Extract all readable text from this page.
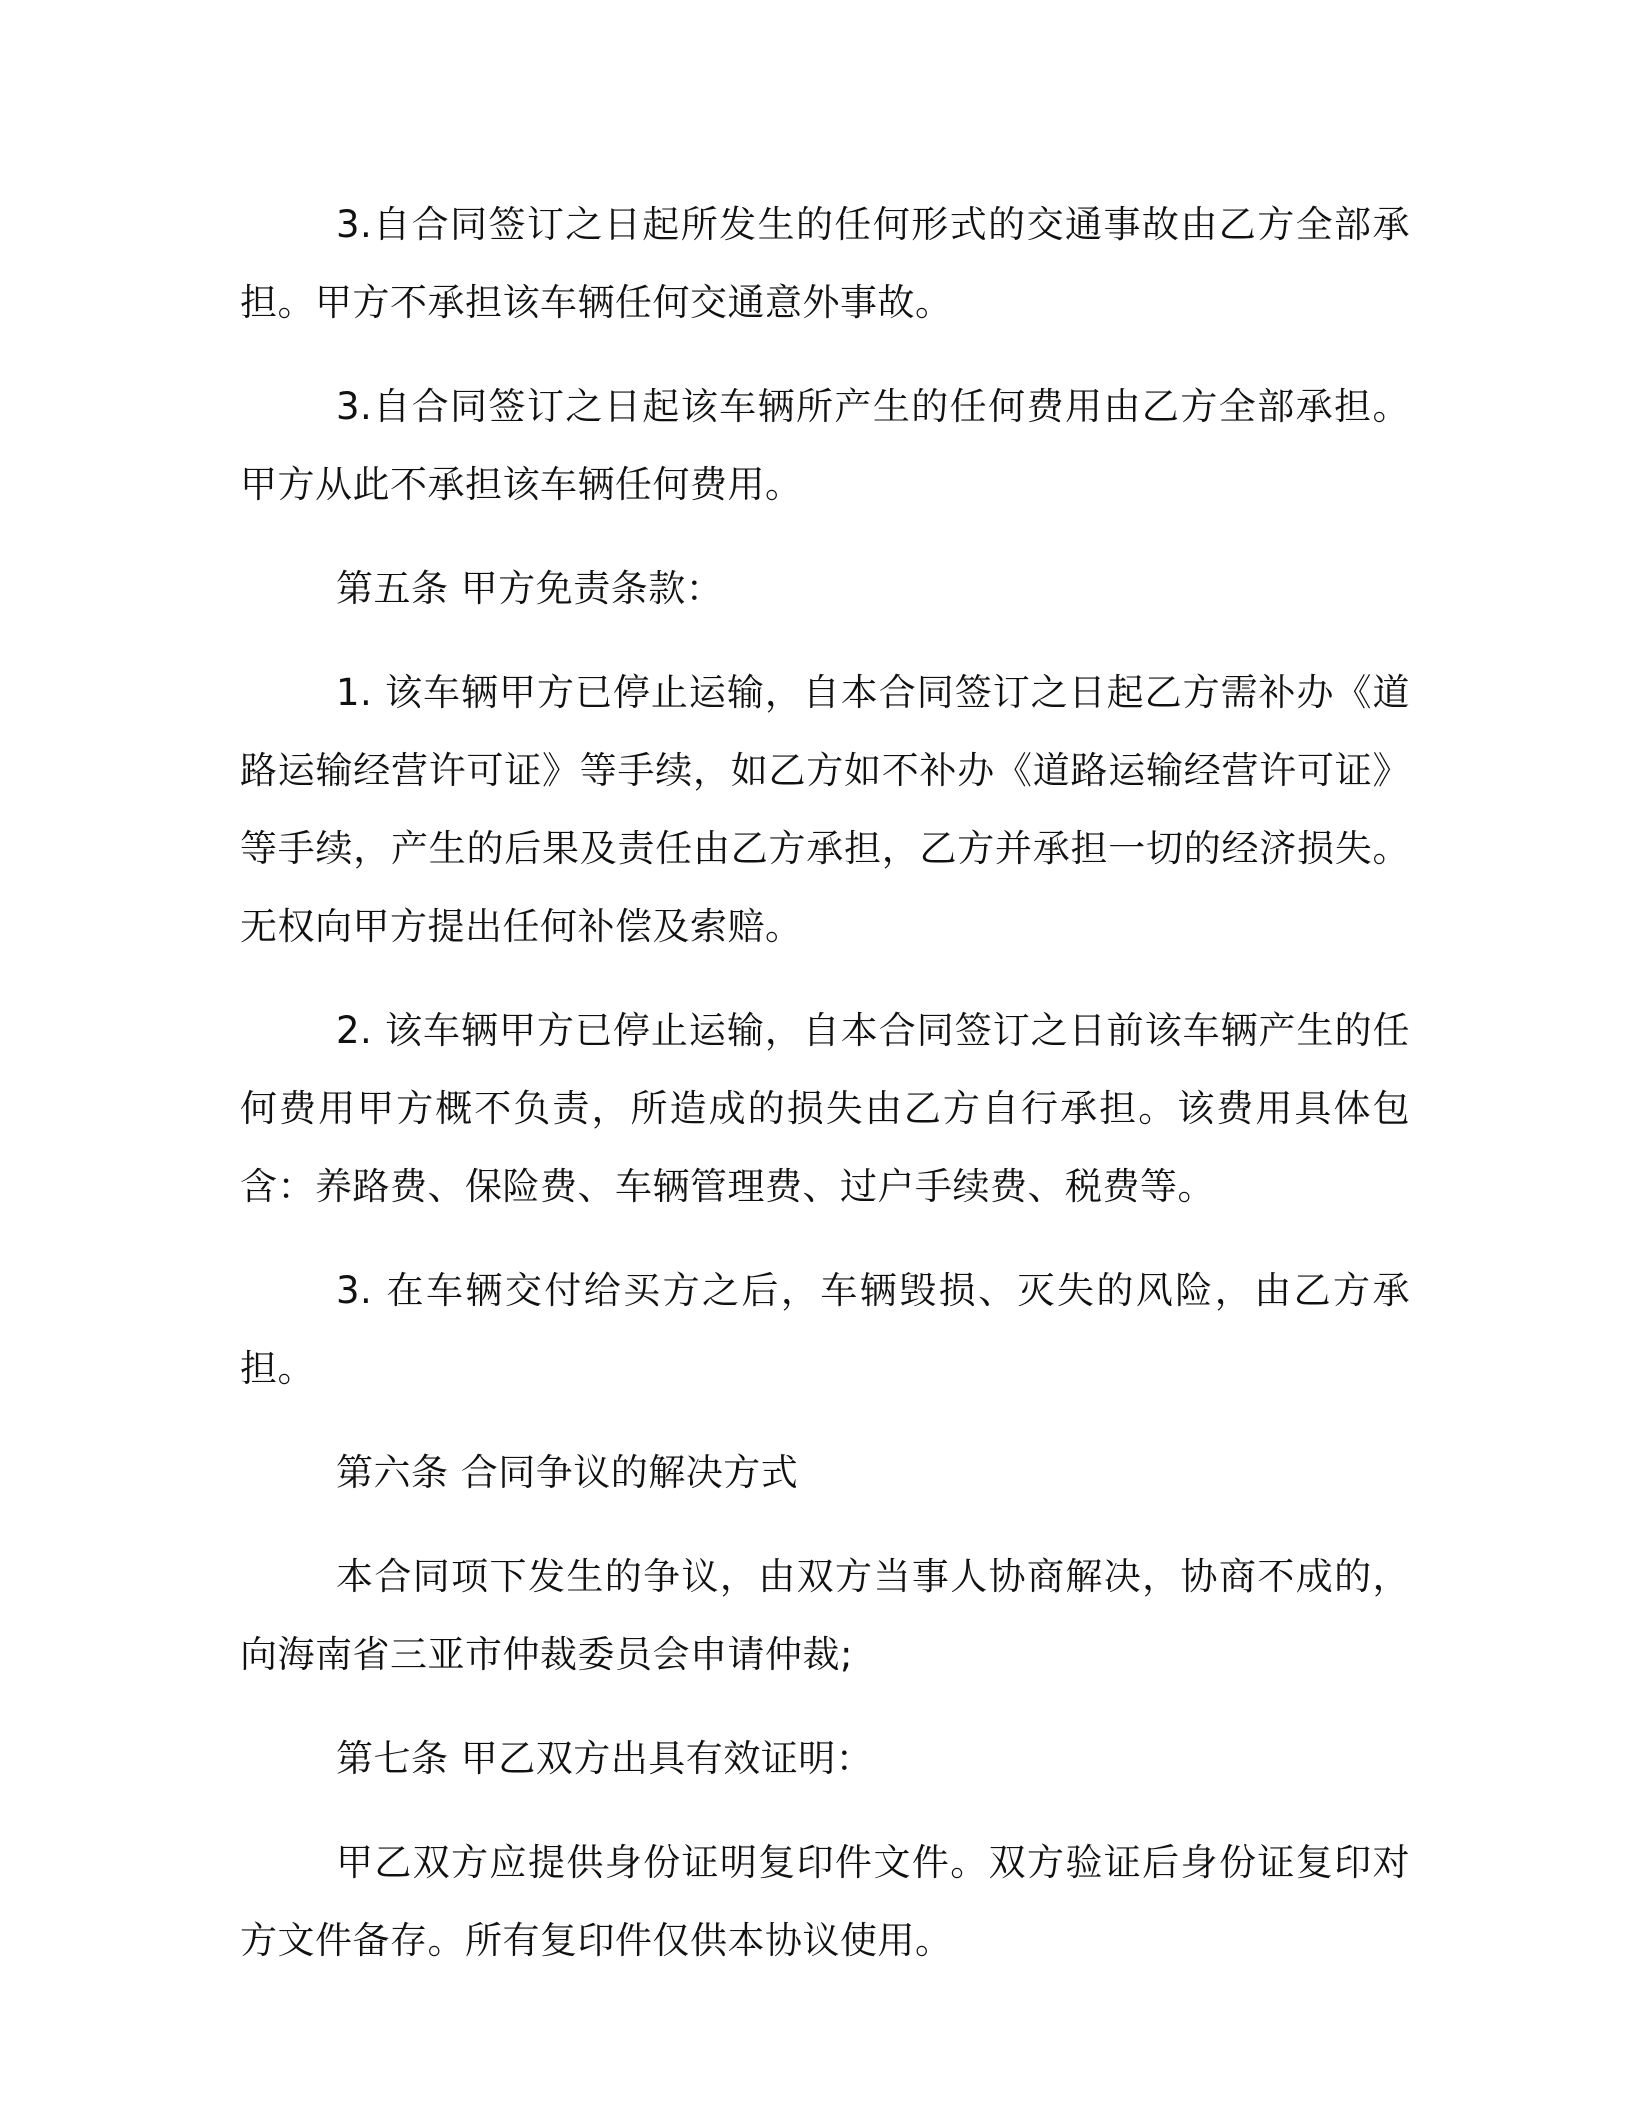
3.自合同签订之日起所发生的任何形式的交通事故由乙方全部承担。甲方不承担该车辆任何交通意外事故。

3.自合同签订之日起该车辆所产生的任何费用由乙方全部承担。甲方从此不承担该车辆任何费用。

第五条 甲方免责条款：

1. 该车辆甲方已停止运输，自本合同签订之日起乙方需补办《道路运输经营许可证》等手续，如乙方如不补办《道路运输经营许可证》等手续，产生的后果及责任由乙方承担，乙方并承担一切的经济损失。无权向甲方提出任何补偿及索赔。

2. 该车辆甲方已停止运输，自本合同签订之日前该车辆产生的任何费用甲方概不负责，所造成的损失由乙方自行承担。该费用具体包含：养路费、保险费、车辆管理费、过户手续费、税费等。

3. 在车辆交付给买方之后，车辆毁损、灭失的风险，由乙方承担。

第六条 合同争议的解决方式

本合同项下发生的争议，由双方当事人协商解决，协商不成的，向海南省三亚市仲裁委员会申请仲裁;

第七条 甲乙双方出具有效证明：

甲乙双方应提供身份证明复印件文件。双方验证后身份证复印对方文件备存。所有复印件仅供本协议使用。
